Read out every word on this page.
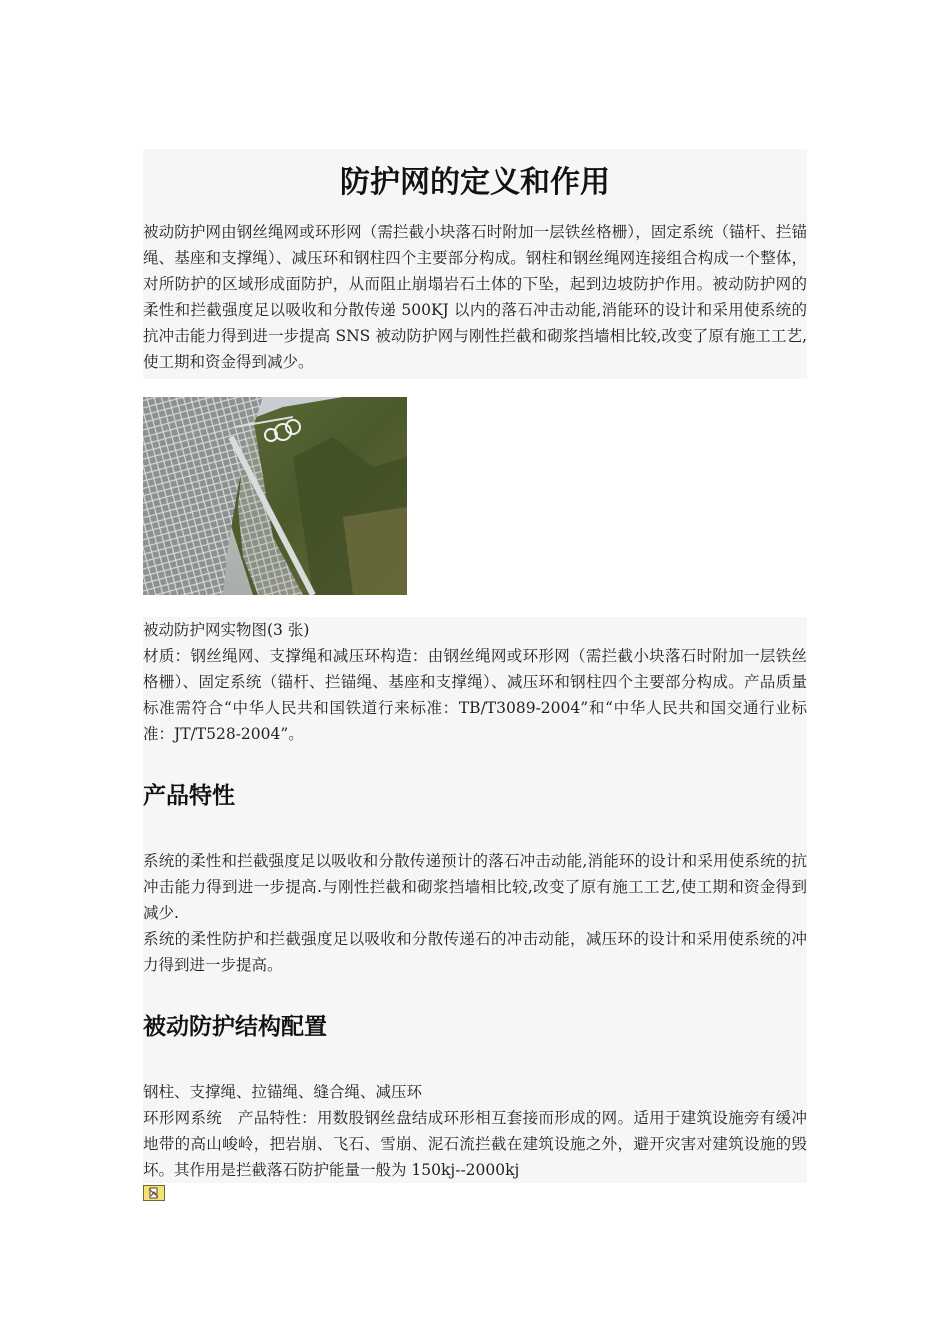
防护网的定义和作用

被动防护网由钢丝绳网或环形网（需拦截小块落石时附加一层铁丝格栅），固定系统（锚杆、拦锚绳、基座和支撑绳）、减压环和钢柱四个主要部分构成。钢柱和钢丝绳网连接组合构成一个整体，对所防护的区域形成面防护，从而阻止崩塌岩石土体的下坠，起到边坡防护作用。被动防护网的柔性和拦截强度足以吸收和分散传递 500KJ 以内的落石冲击动能,消能环的设计和采用使系统的抗冲击能力得到进一步提高 SNS 被动防护网与刚性拦截和砌浆挡墙相比较,改变了原有施工工艺,使工期和资金得到减少。

被动防护网实物图(3 张)

材质：钢丝绳网、支撑绳和减压环构造：由钢丝绳网或环形网（需拦截小块落石时附加一层铁丝格栅）、固定系统（锚杆、拦锚绳、基座和支撑绳）、减压环和钢柱四个主要部分构成。产品质量标准需符合“中华人民共和国铁道行来标准：TB/T3089-2004”和“中华人民共和国交通行业标准：JT/T528-2004”。

产品特性

系统的柔性和拦截强度足以吸收和分散传递预计的落石冲击动能,消能环的设计和采用使系统的抗冲击能力得到进一步提高.与刚性拦截和砌浆挡墙相比较,改变了原有施工工艺,使工期和资金得到减少.

系统的柔性防护和拦截强度足以吸收和分散传递石的冲击动能，减压环的设计和采用使系统的冲力得到进一步提高。

被动防护结构配置

钢柱、支撑绳、拉锚绳、缝合绳、减压环

环形网系统　产品特性：用数股钢丝盘结成环形相互套接而形成的网。适用于建筑设施旁有缓冲地带的高山峻岭，把岩崩、飞石、雪崩、泥石流拦截在建筑设施之外，避开灾害对建筑设施的毁坏。其作用是拦截落石防护能量一般为 150kj--2000kj
